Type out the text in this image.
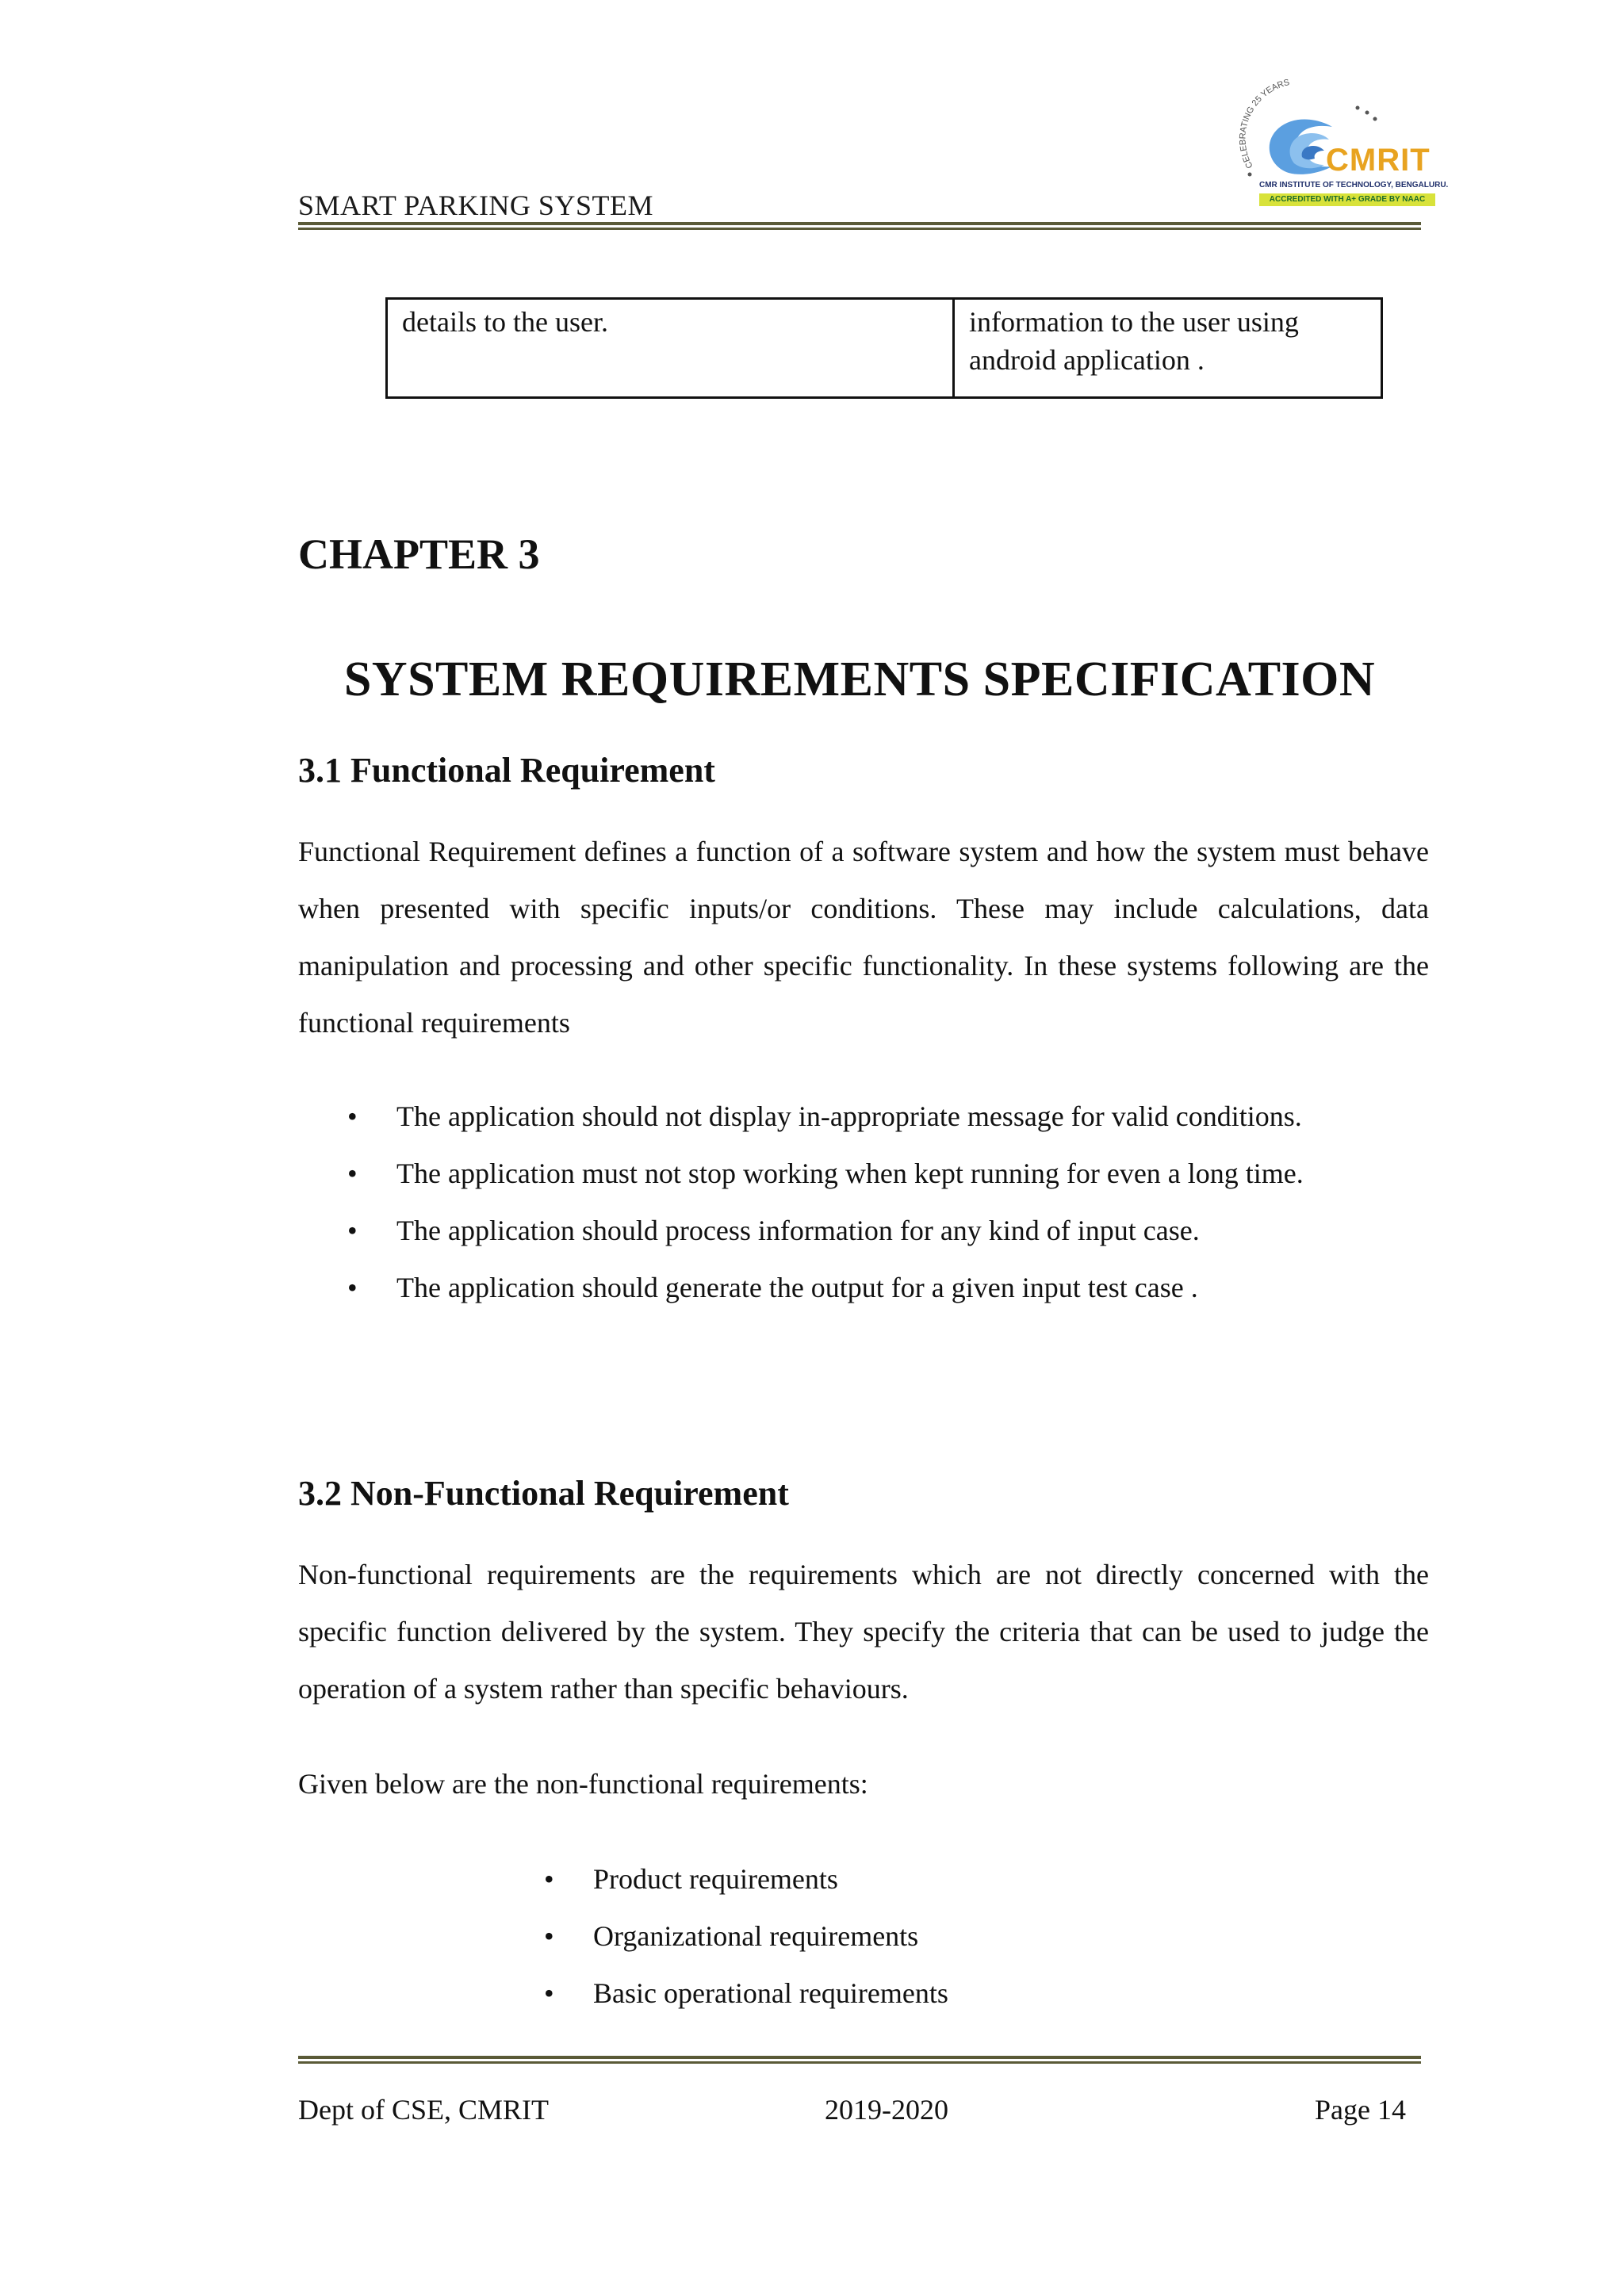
SMART PARKING SYSTEM
CELEBRATING 25 YEARS
CMRIT
CMR INSTITUTE OF TECHNOLOGY, BENGALURU.
ACCREDITED WITH A+ GRADE BY NAAC
details to the user.	information to the user using android application .
CHAPTER 3
SYSTEM REQUIREMENTS SPECIFICATION
3.1 Functional Requirement

Functional Requirement defines a function of a software system and how the system must behave when presented with specific inputs/or conditions. These may include calculations, data manipulation and processing and other specific functionality. In these systems following are the functional requirements

• The application should not display in-appropriate message for valid conditions.
• The application must not stop working when kept running for even a long time.
• The application should process information for any kind of input case.
• The application should generate the output for a given input test case .
3.2 Non-Functional Requirement

Non-functional requirements are the requirements which are not directly concerned with the specific function delivered by the system. They specify the criteria that can be used to judge the operation of a system rather than specific behaviours.

Given below are the non-functional requirements:

• Product requirements
• Organizational requirements
• Basic operational requirements
Dept of CSE, CMRIT	2019-2020	Page 14
